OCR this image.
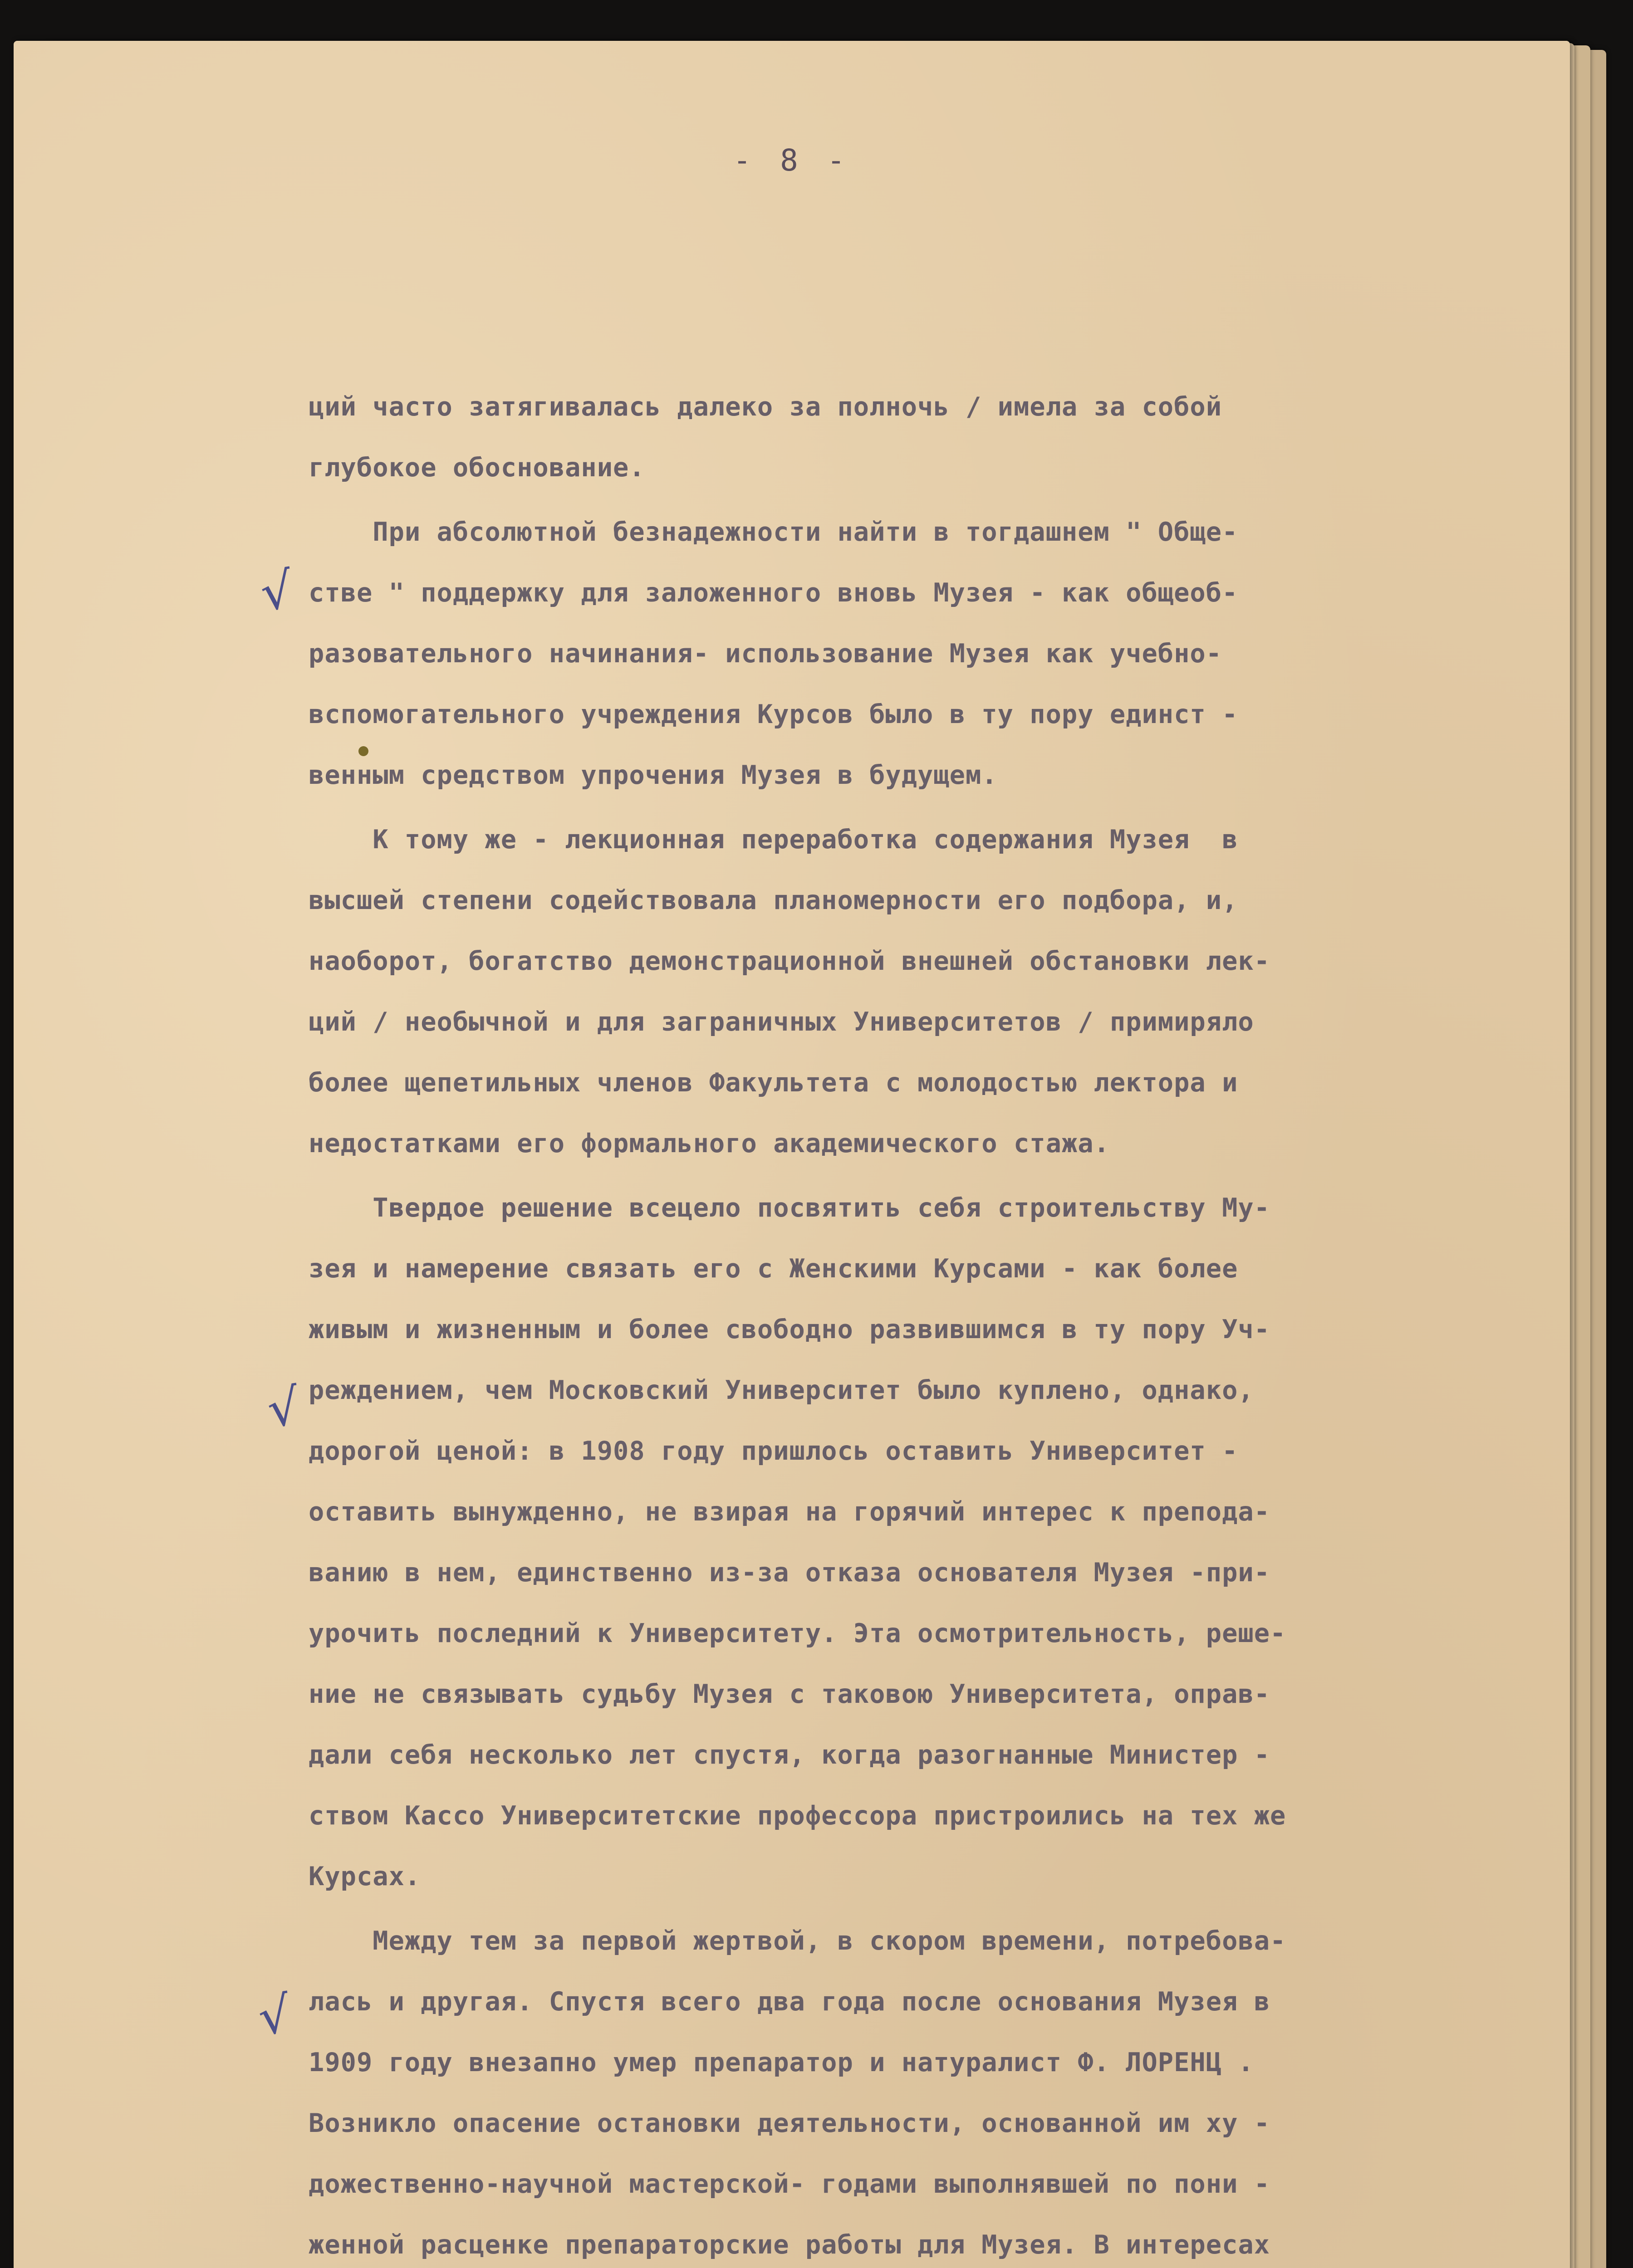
- 8 -
√
√
√
ций часто затягивалась далеко за полночь / имела за собой
глубокое обоснование.
При абсолютной безнадежности найти в тогдашнем " Обще-
стве " поддержку для заложенного вновь Музея - как общеоб-
разовательного начинания- использование Музея как учебно-
вспомогательного учреждения Курсов было в ту пору единст -
венным средством упрочения Музея в будущем.
К тому же - лекционная переработка содержания Музея  в
высшей степени содействовала планомерности его подбора, и,
наоборот, богатство демонстрационной внешней обстановки лек-
ций / необычной и для заграничных Университетов / примиряло
более щепетильных членов Факультета с молодостью лектора и
недостатками его формального академического стажа.
Твердое решение всецело посвятить себя строительству Му-
зея и намерение связать его с Женскими Курсами - как более
живым и жизненным и более свободно развившимся в ту пору Уч-
реждением, чем Московский Университет было куплено, однако,
дорогой ценой: в 1908 году пришлось оставить Университет -
оставить вынужденно, не взирая на горячий интерес к препода-
ванию в нем, единственно из-за отказа основателя Музея -при-
урочить последний к Университету. Эта осмотрительность, реше-
ние не связывать судьбу Музея с таковою Университета, оправ-
дали себя несколько лет спустя, когда разогнанные Министер -
ством Кассо Университетские профессора пристроились на тех же
Курсах.
Между тем за первой жертвой, в скором времени, потребова-
лась и другая. Спустя всего два года после основания Музея в
1909 году внезапно умер препаратор и натуралист Ф. ЛОРЕНЦ .
Возникло опасение остановки деятельности, основанной им ху -
дожественно-научной мастерской- годами выполнявшей по пони -
женной расценке препараторские работы для Музея. В интересах
